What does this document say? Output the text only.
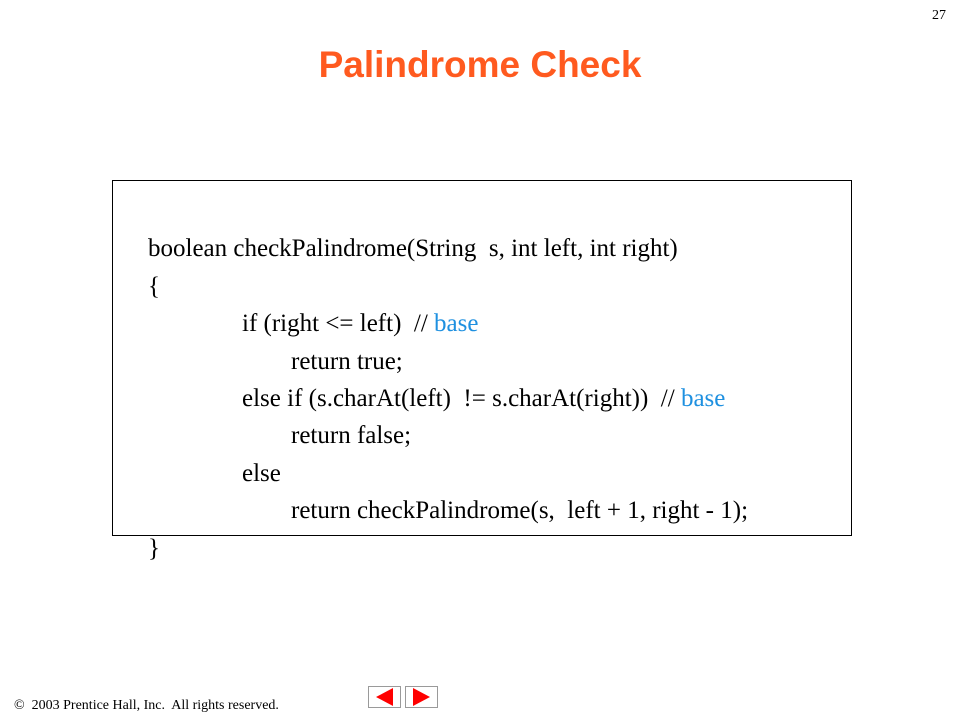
27
Palindrome Check

boolean checkPalindrome(String  s, int left, int right)

{

if (right <= left)  // base

return true;

else if (s.charAt(left)  != s.charAt(right))  // base

return false;

else

return checkPalindrome(s,  left + 1, right - 1);

}

©  2003 Prentice Hall, Inc.  All rights reserved.
